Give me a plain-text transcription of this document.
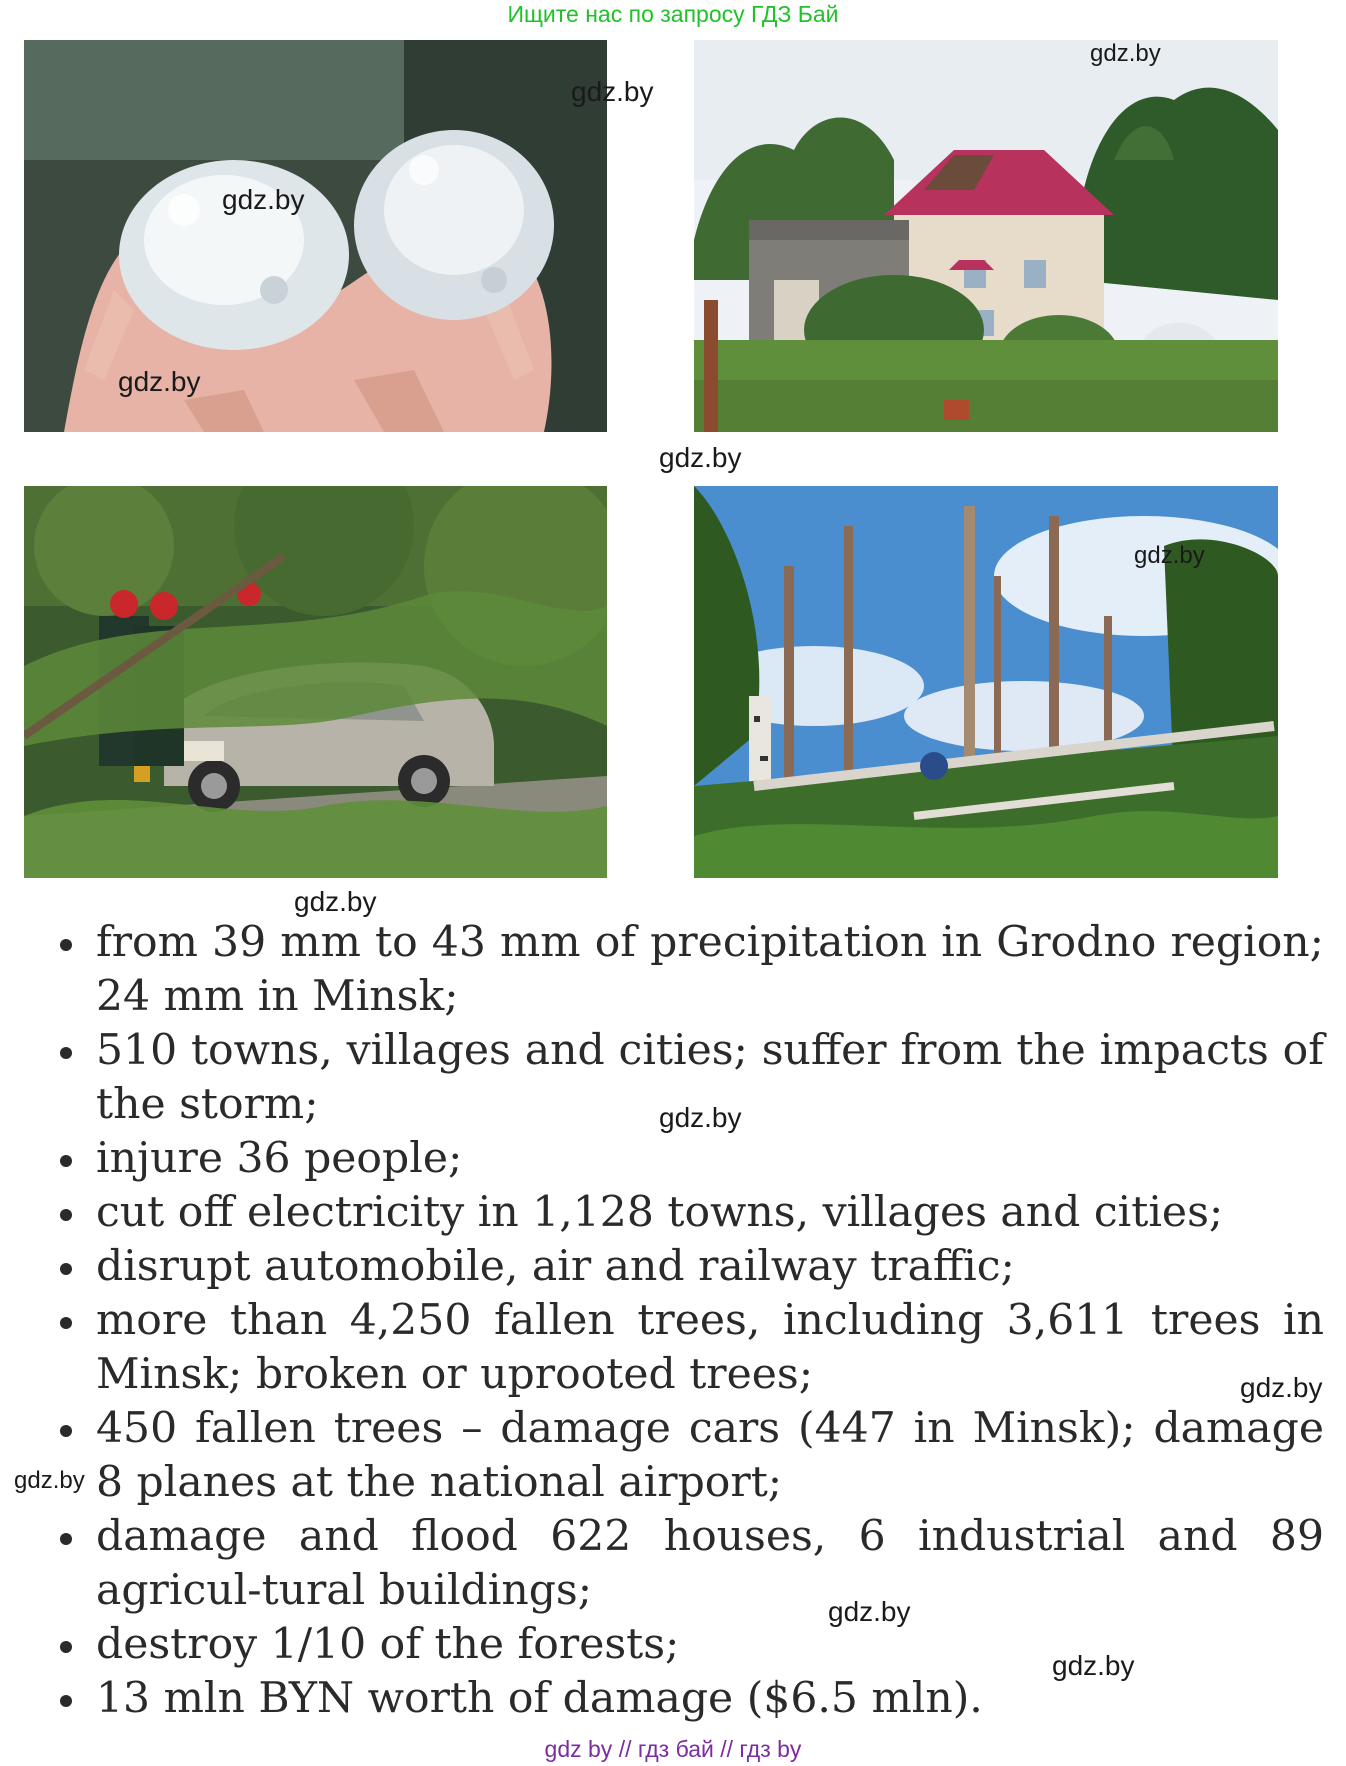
Ищите нас по запросу ГДЗ Бай
gdz.by
gdz.by
gdz.by
gdz.by
gdz.by
gdz.by
gdz.by
gdz.by
gdz.by
gdz.by
gdz.by
gdz.by
from 39 mm to 43 mm of precipitation in Grodno region; 24 mm in Minsk;
510 towns, villages and cities; suffer from the impacts of the storm;
injure 36 people;
cut off electricity in 1,128 towns, villages and cities;
disrupt automobile, air and railway traffic;
more than 4,250 fallen trees, including 3,611 trees in Minsk; broken or uprooted trees;
450 fallen trees – damage cars (447 in Minsk); damage 8 planes at the national airport;
damage and flood 622 houses, 6 industrial and 89 agricul-tural buildings;
destroy 1/10 of the forests;
13 mln BYN worth of damage ($6.5 mln).
gdz by // гдз бай // гдз by
